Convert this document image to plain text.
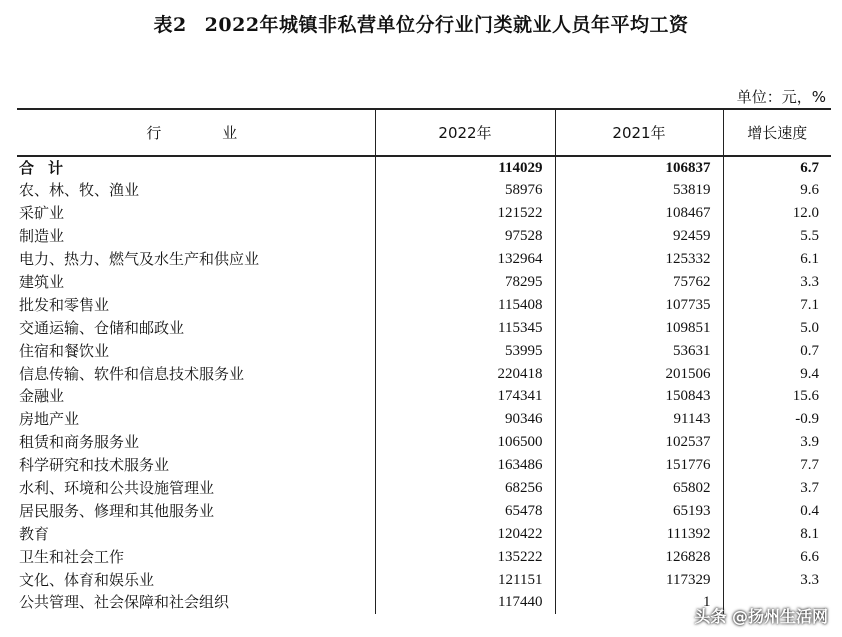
表2 2022年城镇非私营单位分行业门类就业人员年平均工资
单位：元，%
行 业	2022年	2021年	增长速度
合计	114029	106837	6.7
农、林、牧、渔业	58976	53819	9.6
采矿业	121522	108467	12.0
制造业	97528	92459	5.5
电力、热力、燃气及水生产和供应业	132964	125332	6.1
建筑业	78295	75762	3.3
批发和零售业	115408	107735	7.1
交通运输、仓储和邮政业	115345	109851	5.0
住宿和餐饮业	53995	53631	0.7
信息传输、软件和信息技术服务业	220418	201506	9.4
金融业	174341	150843	15.6
房地产业	90346	91143	-0.9
租赁和商务服务业	106500	102537	3.9
科学研究和技术服务业	163486	151776	7.7
水利、环境和公共设施管理业	68256	65802	3.7
居民服务、修理和其他服务业	65478	65193	0.4
教育	120422	111392	8.1
卫生和社会工作	135222	126828	6.6
文化、体育和娱乐业	121151	117329	3.3
公共管理、社会保障和社会组织	117440	1	
头条 @扬州生活网
